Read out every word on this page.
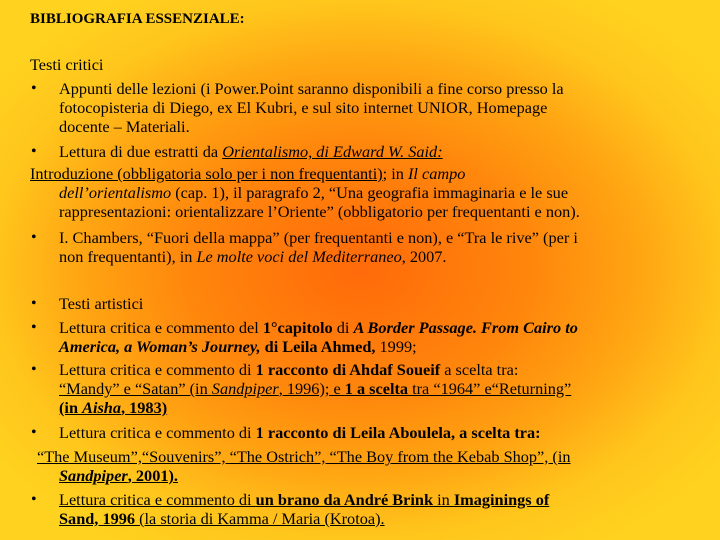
BIBLIOGRAFIA ESSENZIALE:
Testi critici
• Appunti delle lezioni (i Power.Point saranno disponibili a fine corso presso la
fotocopisteria di Diego, ex El Kubri, e sul sito internet UNIOR, Homepage
docente – Materiali.
• Lettura di due estratti da Orientalismo, di Edward W. Said:
Introduzione (obbligatoria solo per i non frequentanti); in Il campo
dell’orientalismo (cap. 1), il paragrafo 2, “Una geografia immaginaria e le sue
rappresentazioni: orientalizzare l’Oriente” (obbligatorio per frequentanti e non).
• I. Chambers, “Fuori della mappa” (per frequentanti e non), e “Tra le rive” (per i
non frequentanti), in Le molte voci del Mediterraneo, 2007.
• Testi artistici
• Lettura critica e commento del 1°capitolo di A Border Passage. From Cairo to
America, a Woman’s Journey, di Leila Ahmed, 1999;
• Lettura critica e commento di 1 racconto di Ahdaf Soueif a scelta tra:
“Mandy” e “Satan” (in Sandpiper, 1996); e 1 a scelta tra “1964” e“Returning”
(in Aisha, 1983)
• Lettura critica e commento di 1 racconto di Leila Aboulela, a scelta tra:
“The Museum”,“Souvenirs”, “The Ostrich”, “The Boy from the Kebab Shop”, (in
Sandpiper, 2001).
• Lettura critica e commento di un brano da André Brink in Imaginings of
Sand, 1996 (la storia di Kamma / Maria (Krotoa).
